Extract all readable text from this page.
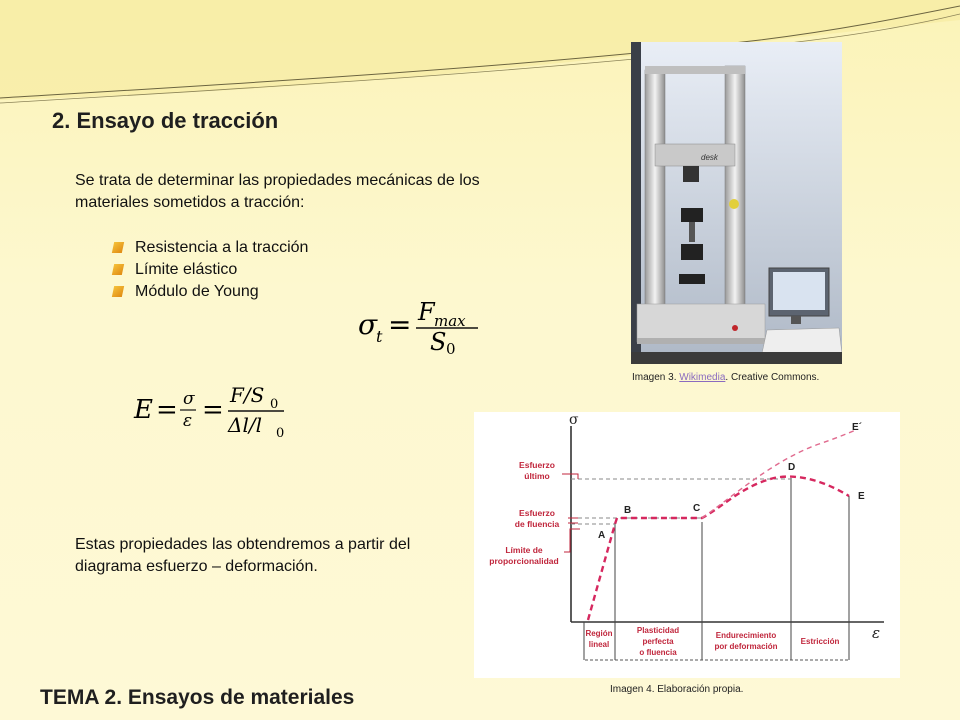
2. Ensayo de tracción
Se trata de determinar las propiedades mecánicas de los materiales sometidos a tracción:
Resistencia a la tracción
Límite elástico
Módulo de Young
σ
t = F max
S 0
E = σ
ε = F/S 0
Δl/l 0
Estas propiedades las obtendremos a partir del diagrama esfuerzo – deformación.
TEMA 2. Ensayos de materiales
desk
Imagen 3. Wikimedia. Creative Commons.
σ
ε
A
B	C
D
E
E´
Esfuerzo
último
Esfuerzo
de fluencia
Límite de
proporcionalidad
Región
lineal
Plasticidad
perfecta
o fluencia
Endurecimiento
por deformación
Estricción
Imagen 4. Elaboración propia.
